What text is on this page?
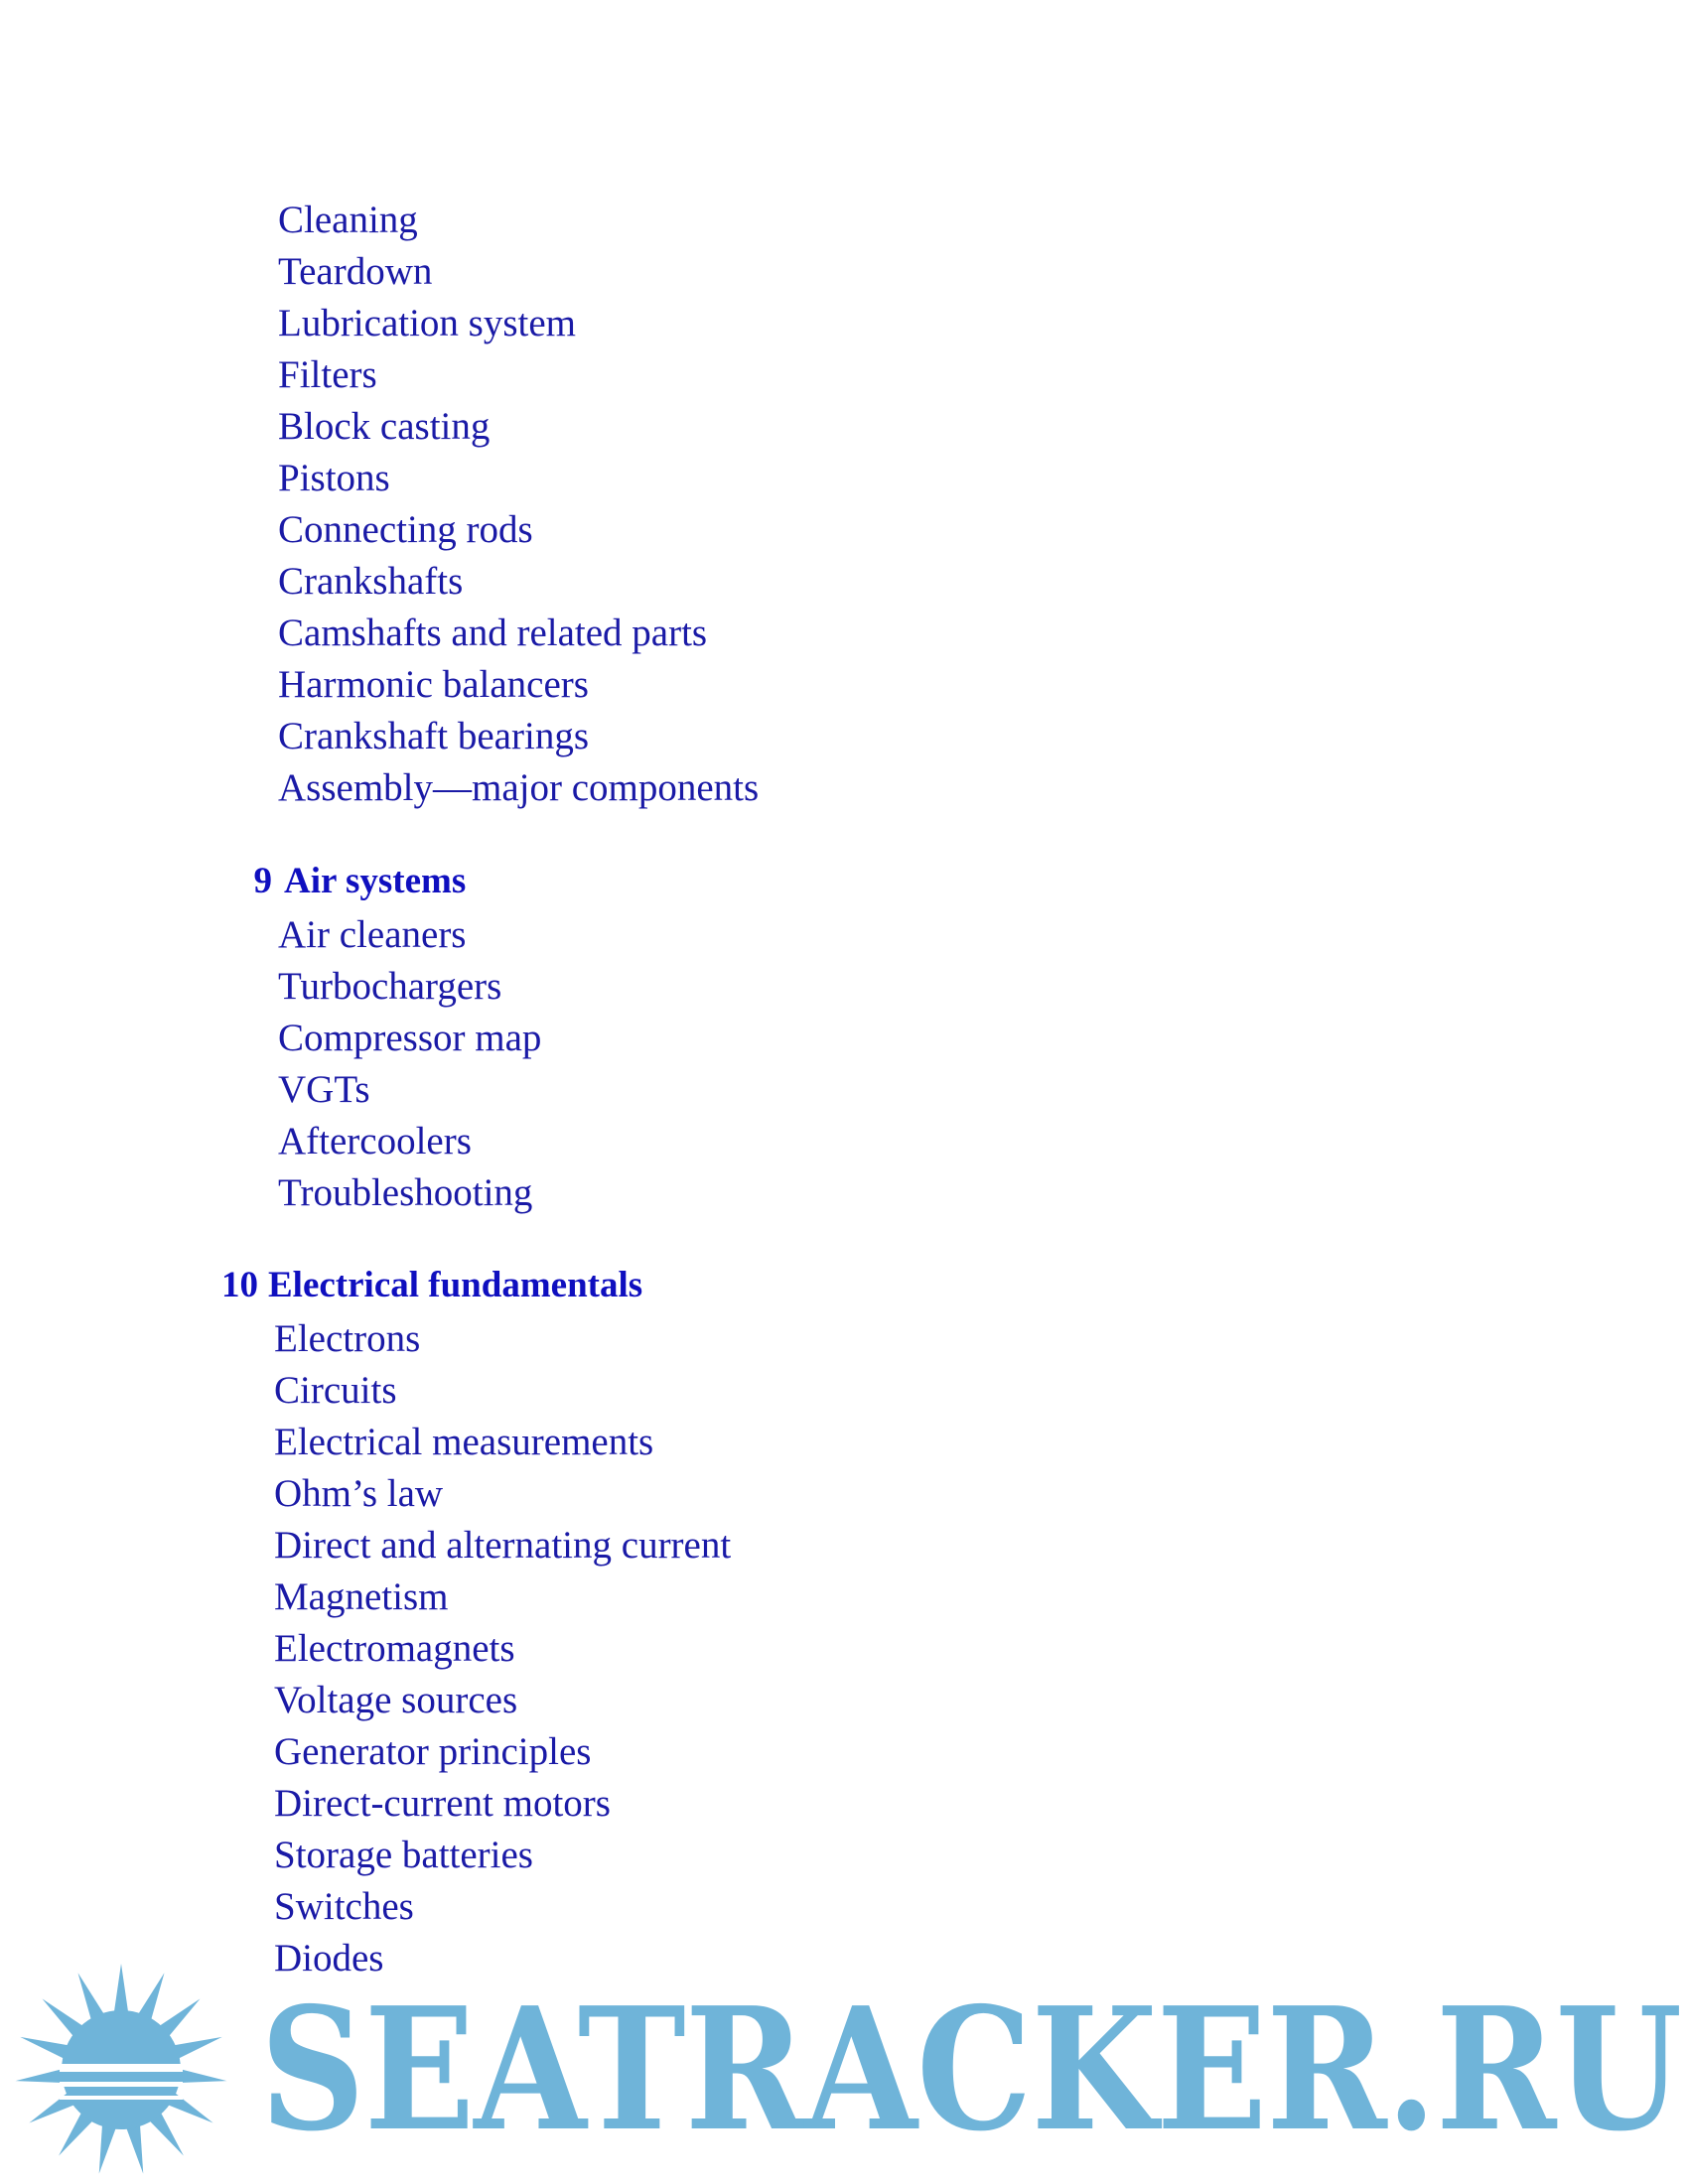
Cleaning
Teardown
Lubrication system
Filters
Block casting
Pistons
Connecting rods
Crankshafts
Camshafts and related parts
Harmonic balancers
Crankshaft bearings
Assembly—major components
9 Air systems
Air cleaners
Turbochargers
Compressor map
VGTs
Aftercoolers
Troubleshooting
10 Electrical fundamentals
Electrons
Circuits
Electrical measurements
Ohm’s law
Direct and alternating current
Magnetism
Electromagnets
Voltage sources
Generator principles
Direct-current motors
Storage batteries
Switches
Diodes
SEATRACKER.RU
